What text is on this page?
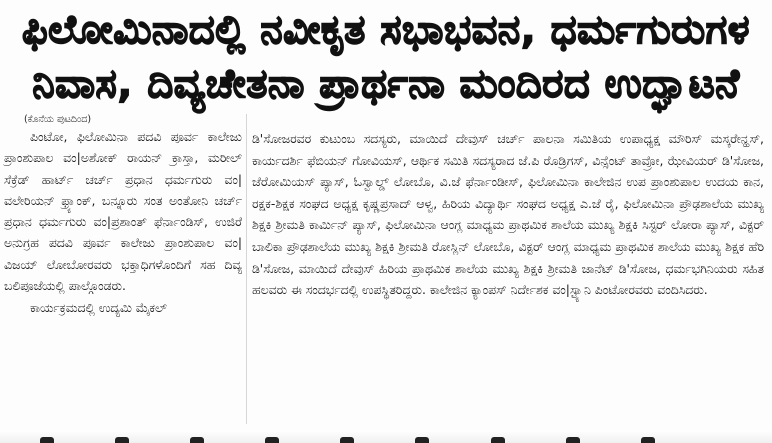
ಫಿಲೋಮಿನಾದಲ್ಲಿ ನವೀಕೃತ ಸಭಾಭವನ, ಧರ್ಮಗುರುಗಳ
ನಿವಾಸ, ದಿವ್ಯಚೇತನಾ ಪ್ರಾರ್ಥನಾ ಮಂದಿರದ ಉದ್ಘಾಟನೆ
(ಕೊನೆಯ ಪುಟದಿಂದ)

ಪಿಂಟೋ, ಫಿಲೋಮಿನಾ ಪದವಿ ಪೂರ್ವ ಕಾಲೇಜು ಪ್ರಾಂಶುಪಾಲ ವಂ|ಅಶೋಕ್ ರಾಯನ್ ಕ್ರಾಸ್ತಾ, ಮರೀಲ್ ಸೆಕ್ರೆಡ್ ಹಾರ್ಟ್ ಚರ್ಚ್ ಪ್ರಧಾನ ಧರ್ಮಗುರು ವಂ|ವಲೇರಿಯನ್ ಫ್ರ್ಯಾಂಕ್, ಬನ್ನೂರು ಸಂತ ಅಂತೋನಿ ಚರ್ಚ್ ಪ್ರಧಾನ ಧರ್ಮಗುರು ವಂ|ಪ್ರಶಾಂತ್ ಫೆರ್ನಾಂಡಿಸ್, ಉಜಿರೆ ಅನುಗ್ರಹ ಪದವಿ ಪೂರ್ವ ಕಾಲೇಜು ಪ್ರಾಂಶುಪಾಲ ವಂ|ವಿಜಯ್ ಲೋಬೋರವರು ಭಕ್ತಾಧಿಗಳೊಂದಿಗೆ ಸಹ ದಿವ್ಯ ಬಲಿಪೂಜೆಯಲ್ಲಿ ಪಾಲ್ಗೊಂಡರು.

ಕಾರ್ಯಕ್ರಮದಲ್ಲಿ ಉದ್ಯಮಿ ಮೈಕಲ್

ಡಿ'ಸೋಜರವರ ಕುಟುಂಬ ಸದಸ್ಯರು, ಮಾಯಿದೆ ದೇವುಸ್ ಚರ್ಚ್ ಪಾಲನಾ ಸಮಿತಿಯ ಉಪಾಧ್ಯಕ್ಷ ಮೌರಿಸ್ ಮಸ್ಕರೇನ್ಹಸ್, ಕಾರ್ಯದರ್ಶಿ ಫೆಬಿಯನ್ ಗೋವಿಯಸ್, ಆರ್ಥಿಕ ಸಮಿತಿ ಸದಸ್ಯರಾದ ಜೆ.ಪಿ ರೊಡ್ರಿಗಸ್, ವಿನ್ಸೆಂಟ್ ತಾವ್ರೋ, ಝೇವಿಯರ್ ಡಿ'ಸೋಜ, ಜೆರೋಮಿಯಸ್ ಪ್ಯಾಸ್, ಓಸ್ವಾಲ್ಡ್ ಲೋಬೊ, ವಿ.ಜೆ ಫೆರ್ನಾಂಡೀಸ್, ಫಿಲೋಮಿನಾ ಕಾಲೇಜಿನ ಉಪ ಪ್ರಾಂಶುಪಾಲ ಉದಯ ಕಾನ, ರಕ್ಷಕ-ಶಿಕ್ಷಕ ಸಂಘದ ಅಧ್ಯಕ್ಷ ಕೃಷ್ಣಪ್ರಸಾದ್ ಆಳ್ವ, ಹಿರಿಯ ವಿದ್ಯಾರ್ಥಿ ಸಂಘದ ಅಧ್ಯಕ್ಷ ಎ.ಜೆ ರೈ, ಫಿಲೋಮಿನಾ ಪ್ರೌಢಶಾಲೆಯ ಮುಖ್ಯ ಶಿಕ್ಷಕಿ ಶ್ರೀಮತಿ ಕಾರ್ಮಿನ್ ಪ್ಯಾಸ್, ಫಿಲೋಮಿನಾ ಆಂಗ್ಲ ಮಾಧ್ಯಮ ಪ್ರಾಥಮಿಕ ಶಾಲೆಯ ಮುಖ್ಯ ಶಿಕ್ಷಕಿ ಸಿಸ್ಟರ್ ಲೋರಾ ಪ್ಯಾಸ್, ವಿಕ್ಟರ್ ಬಾಲಿಕಾ ಪ್ರೌಢಶಾಲೆಯ ಮುಖ್ಯ ಶಿಕ್ಷಕಿ ಶ್ರೀಮತಿ ರೋಸ್ಲಿನ್ ಲೋಬೊ, ವಿಕ್ಟರ್ ಆಂಗ್ಲ ಮಾಧ್ಯಮ ಪ್ರಾಥಮಿಕ ಶಾಲೆಯ ಮುಖ್ಯ ಶಿಕ್ಷಕ ಹೆರಿ ಡಿ'ಸೋಜ, ಮಾಯಿದೆ ದೇವುಸ್ ಹಿರಿಯ ಪ್ರಾಥಮಿಕ ಶಾಲೆಯ ಮುಖ್ಯ ಶಿಕ್ಷಕಿ ಶ್ರೀಮತಿ ಜಾನೆಟ್ ಡಿ'ಸೋಜ, ಧರ್ಮಭಗಿನಿಯರು ಸಹಿತ ಹಲವರು ಈ ಸಂದರ್ಭದಲ್ಲಿ ಉಪಸ್ಥಿತರಿದ್ದರು. ಕಾಲೇಜಿನ ಕ್ಯಾಂಪಸ್ ನಿರ್ದೇಶಕ ವಂ|ಸ್ಟ್ಯಾನಿ ಪಿಂಟೋರವರು ವಂದಿಸಿದರು.
